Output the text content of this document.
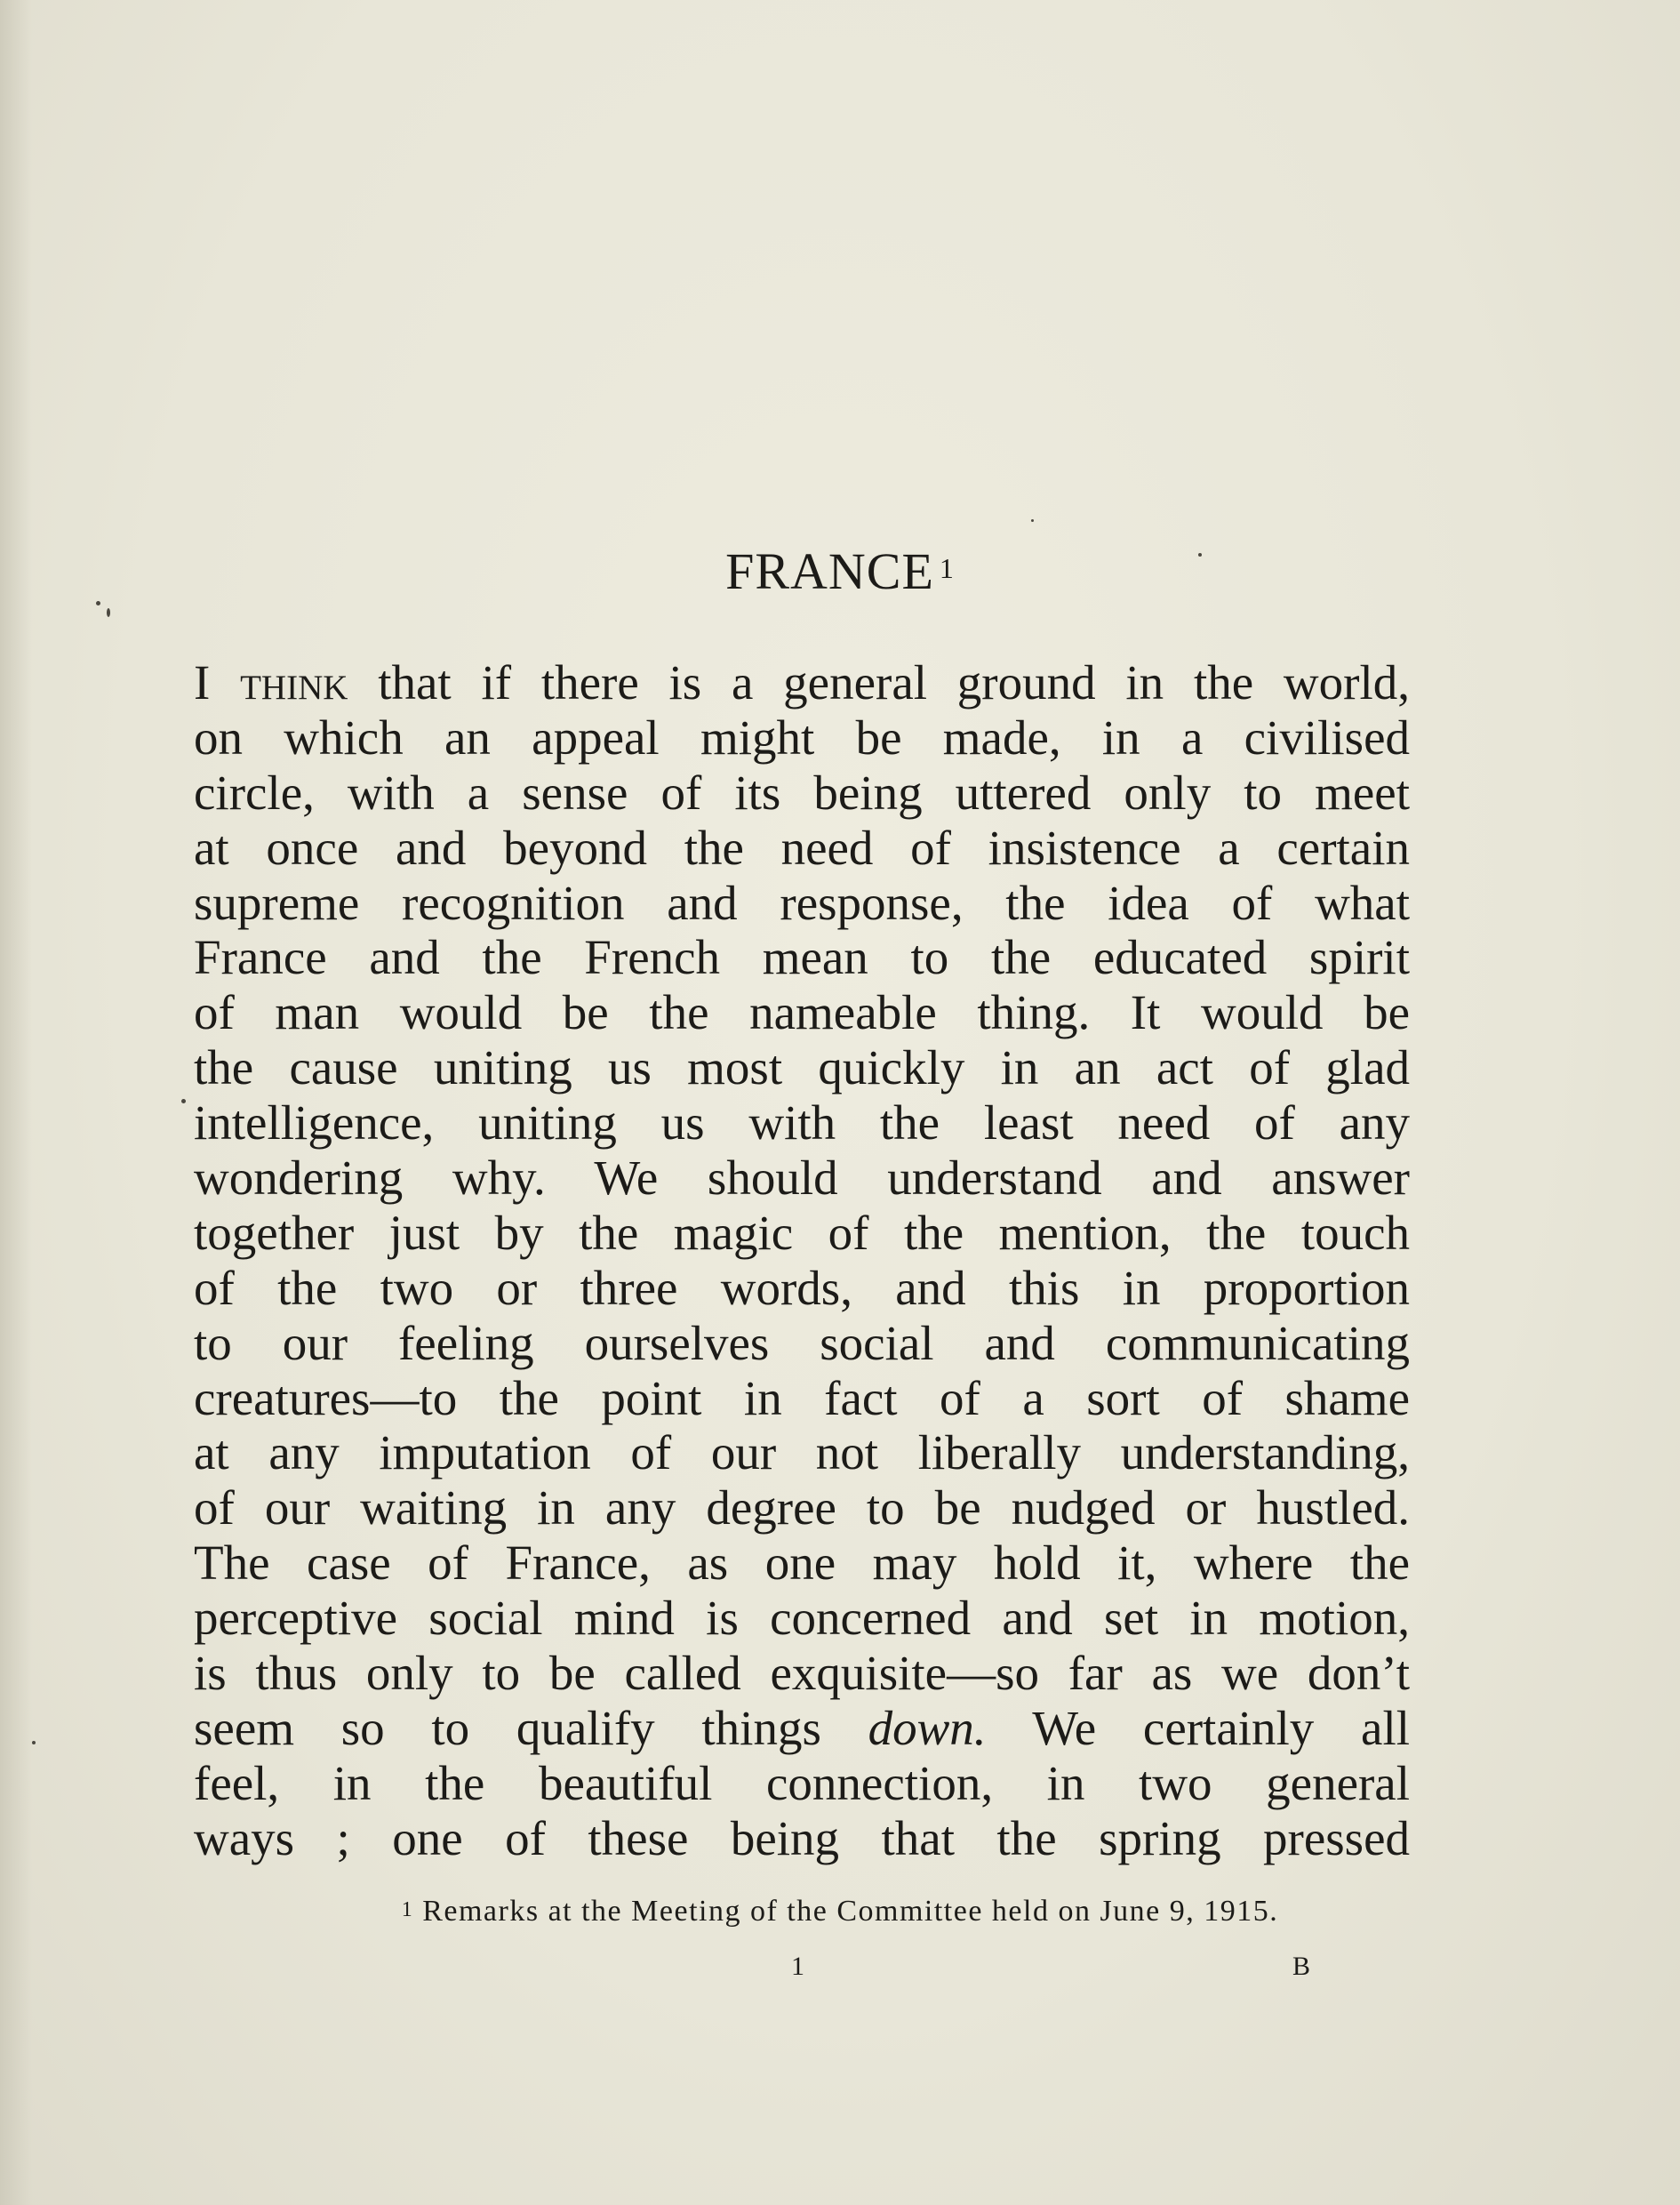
FRANCE $^1$
I think that if there is a general ground in the world,
on which an appeal might be made, in a civilised
circle, with a sense of its being uttered only to meet
at once and beyond the need of insistence a certain
supreme recognition and response, the idea of what
France and the French mean to the educated spirit
of man would be the nameable thing. It would be
the cause uniting us most quickly in an act of glad
intelligence, uniting us with the least need of any
wondering why. We should understand and answer
together just by the magic of the mention, the touch
of the two or three words, and this in proportion
to our feeling ourselves social and communicating
creatures—to the point in fact of a sort of shame
at any imputation of our not liberally understanding,
of our waiting in any degree to be nudged or hustled.
The case of France, as one may hold it, where the
perceptive social mind is concerned and set in motion,
is thus only to be called exquisite—so far as we don’t
seem so to qualify things down. We certainly all
feel, in the beautiful connection, in two general
ways ; one of these being that the spring pressed
$^1$ Remarks at the Meeting of the Committee held on June 9, 1915.
1	B
